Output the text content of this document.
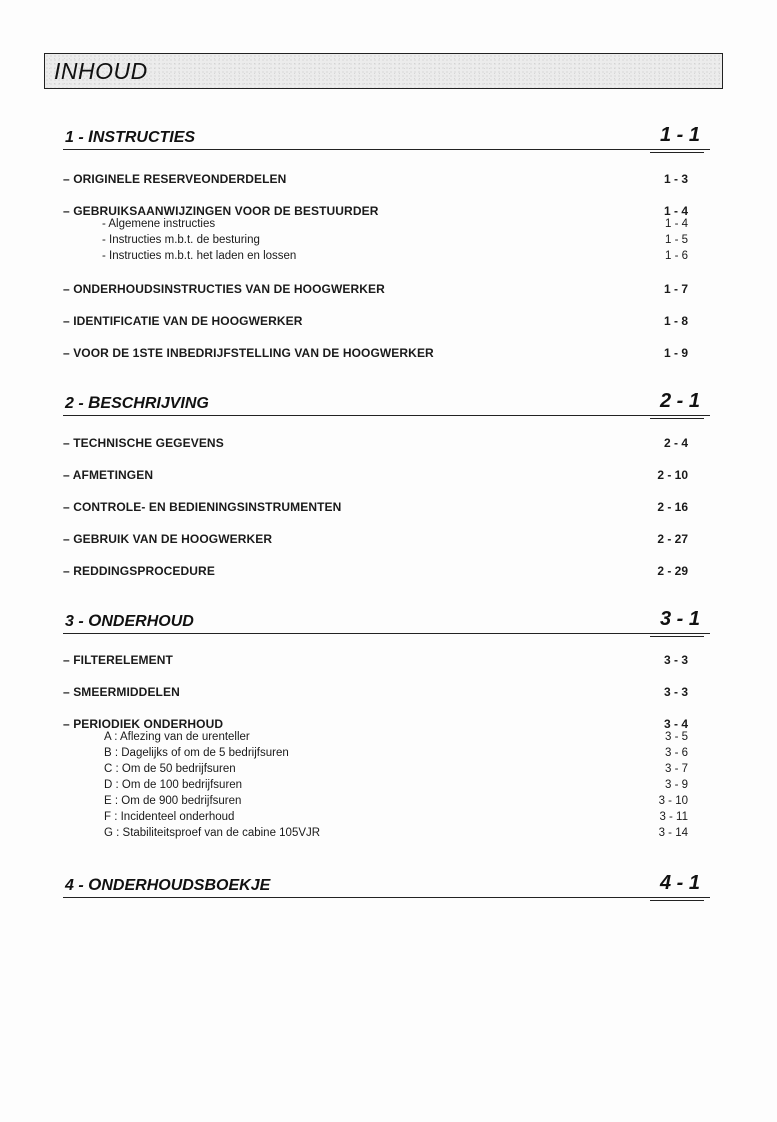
INHOUD
1 - INSTRUCTIES	1 - 1
– ORIGINELE RESERVEONDERDELEN	1 - 3
– GEBRUIKSAANWIJZINGEN VOOR DE BESTUURDER	1 - 4
- Algemene instructies	1 - 4
- Instructies m.b.t. de besturing	1 - 5
- Instructies m.b.t. het laden en lossen	1 - 6
– ONDERHOUDSINSTRUCTIES VAN DE HOOGWERKER	1 - 7
– IDENTIFICATIE VAN DE HOOGWERKER	1 - 8
– VOOR DE 1STE INBEDRIJFSTELLING VAN DE HOOGWERKER	1 - 9
2 - BESCHRIJVING	2 - 1
– TECHNISCHE GEGEVENS	2 - 4
– AFMETINGEN	2 - 10
– CONTROLE- EN BEDIENINGSINSTRUMENTEN	2 - 16
– GEBRUIK VAN DE HOOGWERKER	2 - 27
– REDDINGSPROCEDURE	2 - 29
3 - ONDERHOUD	3 - 1
– FILTERELEMENT	3 - 3
– SMEERMIDDELEN	3 - 3
– PERIODIEK ONDERHOUD	3 - 4
A : Aflezing van de urenteller	3 - 5
B : Dagelijks of om de 5 bedrijfsuren	3 - 6
C : Om de 50 bedrijfsuren	3 - 7
D : Om de 100 bedrijfsuren	3 - 9
E : Om de 900 bedrijfsuren	3 - 10
F : Incidenteel onderhoud	3 - 11
G : Stabiliteitsproef van de cabine 105VJR	3 - 14
4 - ONDERHOUDSBOEKJE	4 - 1
